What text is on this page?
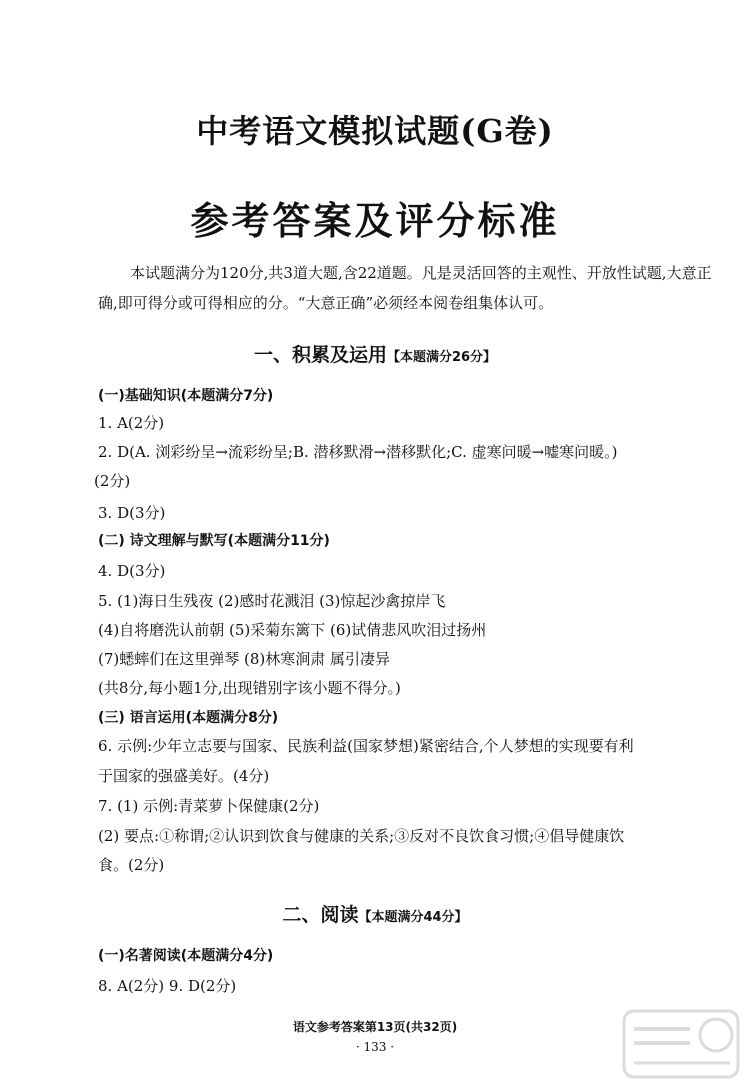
中考语文模拟试题(G卷)
参考答案及评分标准
本试题满分为120分,共3道大题,含22道题。凡是灵活回答的主观性、开放性试题,大意正确,即可得分或可得相应的分。“大意正确”必须经本阅卷组集体认可。
一、积累及运用【本题满分26分】
(一)基础知识(本题满分7分)
1. A(2分)
2. D(A. 浏彩纷呈→流彩纷呈;B. 潜移默滑→潜移默化;C. 虚寒问暖→嘘寒问暖。)
(2分)
3. D(3分)
(二) 诗文理解与默写(本题满分11分)
4. D(3分)
5. (1)海日生残夜 (2)感时花溅泪 (3)惊起沙禽掠岸飞
(4)自将磨洗认前朝 (5)采菊东篱下 (6)试倩悲风吹泪过扬州
(7)蟋蟀们在这里弹琴 (8)林寒涧肃 属引凄异
(共8分,每小题1分,出现错别字该小题不得分。)
(三) 语言运用(本题满分8分)
6. 示例:少年立志要与国家、民族利益(国家梦想)紧密结合,个人梦想的实现要有利
于国家的强盛美好。(4分)
7. (1) 示例:青菜萝卜保健康(2分)
(2) 要点:①称谓;②认识到饮食与健康的关系;③反对不良饮食习惯;④倡导健康饮
食。(2分)
二、阅读【本题满分44分】
(一)名著阅读(本题满分4分)
8. A(2分) 9. D(2分)
语文参考答案第13页(共32页)
· 133 ·
